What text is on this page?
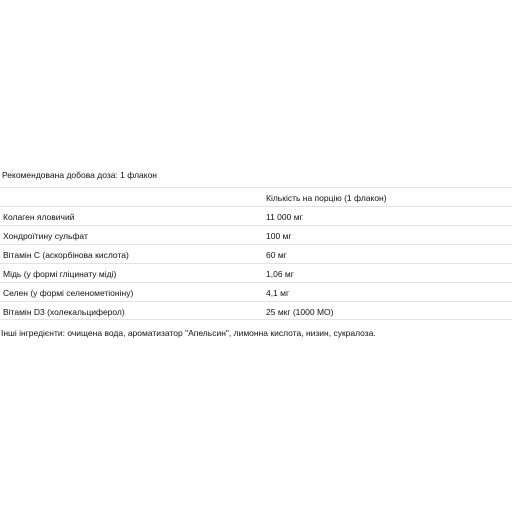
Рекомендована добова доза: 1 флакон
Кількість на порцію (1 флакон)
Колаген яловичий	11 000 мг
Хондроїтину сульфат	100 мг
Вітамін С (аскорбінова кислота)	60 мг
Мідь (у формі гліцинату міді)	1,06 мг
Селен (у формі селенометіоніну)	4,1 мг
Вітамін D3 (холекальциферол)	25 мкг (1000 МО)
Інші інгредієнти: очищена вода, ароматизатор "Апельсин", лимонна кислота, низин, сукралоза.
